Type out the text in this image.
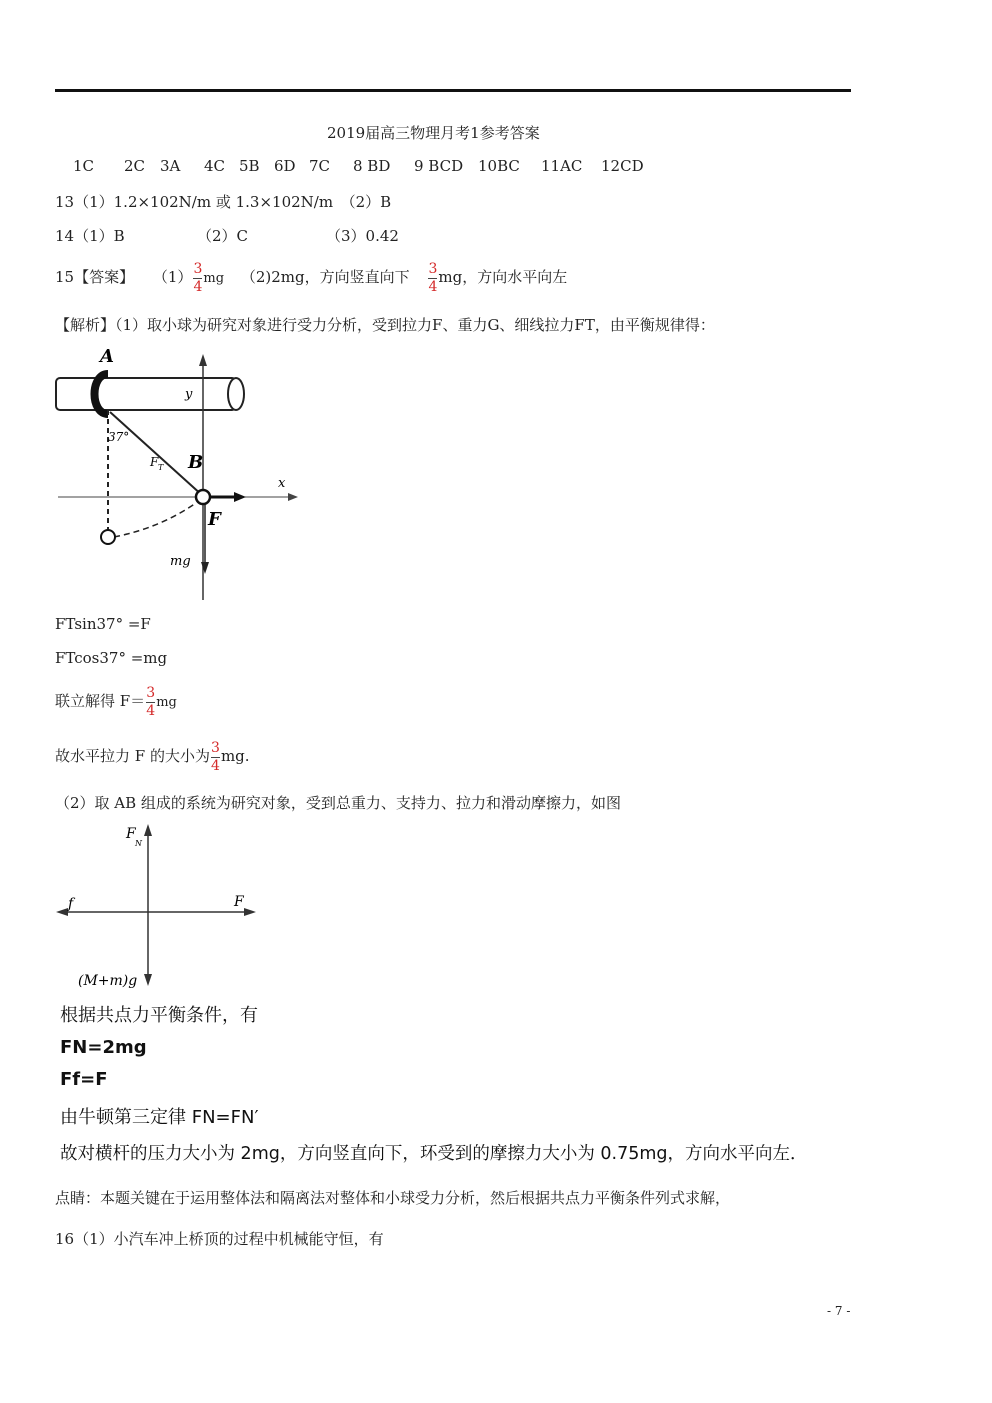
2019届高三物理月考1参考答案
1C 2C 3A 4C 5B 6D 7C 8 BD 9 BCD 10BC 11AC 12CD
13（1）1.2×102N/m 或 1.3×102N/m　（2）B
14（1）B	（2）C	（3）0.42
15【答案】 $(1) \frac{3}{4}$ mg （2)2mg，方向竖直向下 $\frac{3}{4}$ mg，方向水平向左
【解析】（1）取小球为研究对象进行受力分析，受到拉力F、重力G、细线拉力FT，由平衡规律得：
A
B
F
x
y
37°
F T
mg
FTsin37° =F
FTcos37° =mg
联立解得 $F= \frac{3}{4}$ mg
故水平拉力 F 的大小为 $\frac{3}{4}$ mg.
（2）取 AB 组成的系统为研究对象，受到总重力、支持力、拉力和滑动摩擦力，如图
F
N
f	F
(M+m)g
根据共点力平衡条件，有
FN=2mg
Ff=F
由牛顿第三定律 FN=FN′
故对横杆的压力大小为 2mg，方向竖直向下，环受到的摩擦力大小为 0.75mg，方向水平向左．
点睛：本题关键在于运用整体法和隔离法对整体和小球受力分析，然后根据共点力平衡条件列式求解，
16（1）小汽车冲上桥顶的过程中机械能守恒，有
- 7 -
